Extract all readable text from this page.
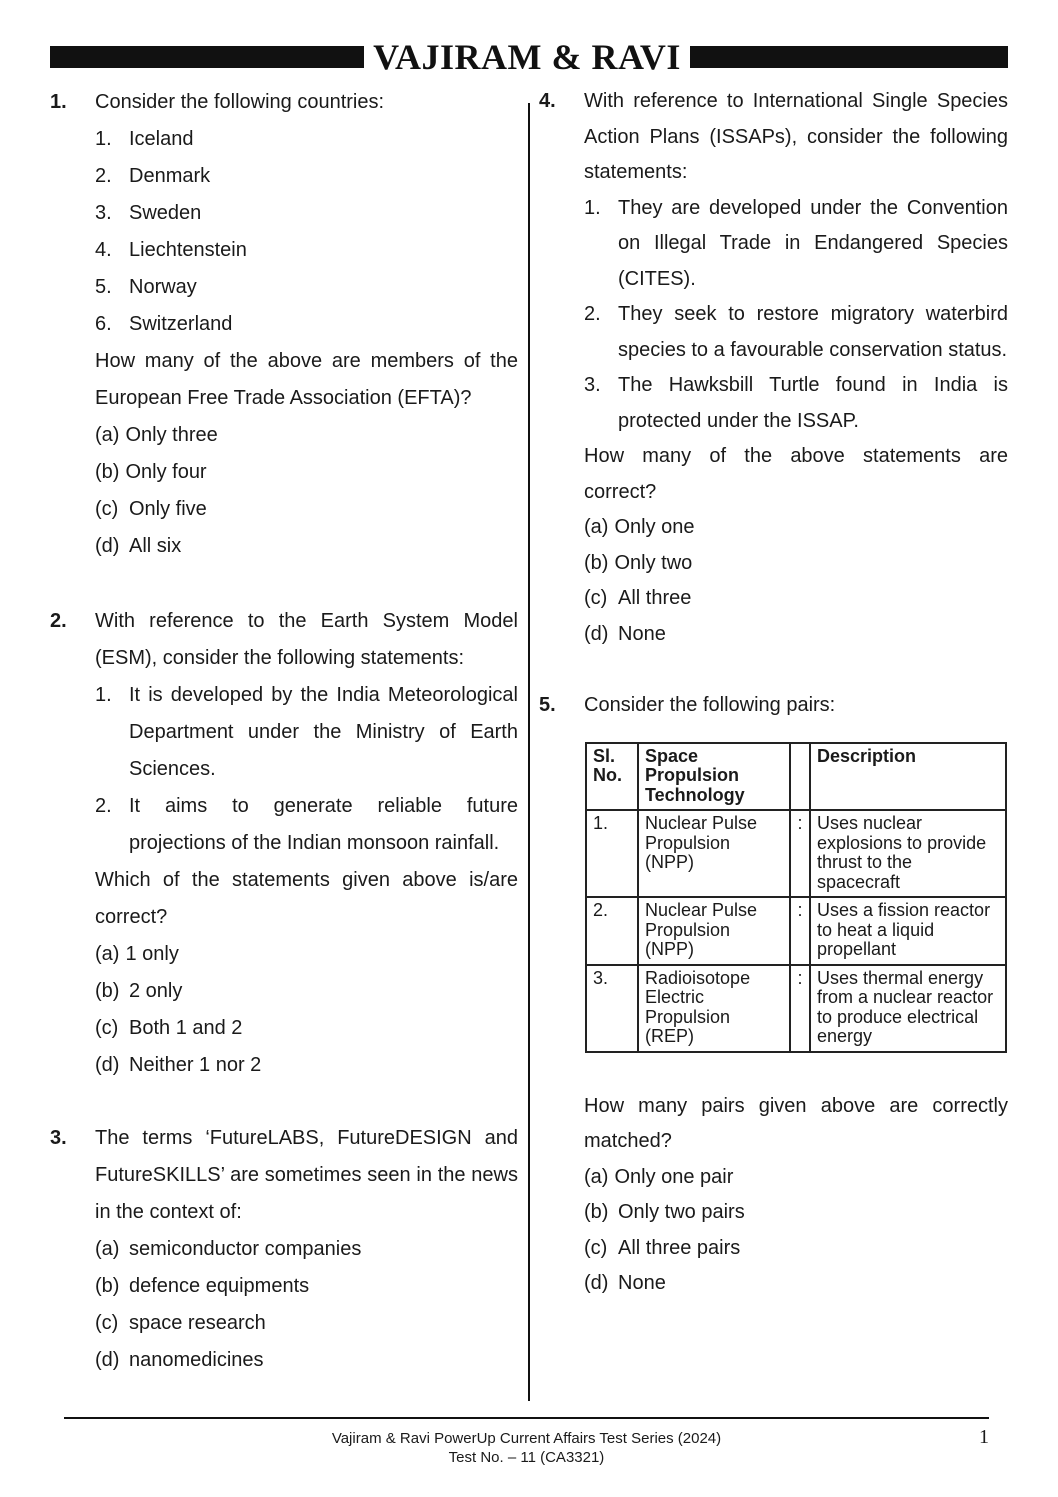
VAJIRAM & RAVI
1. Consider the following countries:
1. Iceland
2. Denmark
3. Sweden
4. Liechtenstein
5. Norway
6. Switzerland
How many of the above are members of the European Free Trade Association (EFTA)?
(a) Only three
(b) Only four
(c) Only five
(d) All six
2. With reference to the Earth System Model (ESM), consider the following statements:
1. It is developed by the India Meteorological Department under the Ministry of Earth Sciences.
2. It aims to generate reliable future projections of the Indian monsoon rainfall.
Which of the statements given above is/are correct?
(a) 1 only
(b) 2 only
(c) Both 1 and 2
(d) Neither 1 nor 2
3. The terms ‘FutureLABS, FutureDESIGN and FutureSKILLS’ are sometimes seen in the news in the context of:
(a) semiconductor companies
(b) defence equipments
(c) space research
(d) nanomedicines
4. With reference to International Single Species Action Plans (ISSAPs), consider the following statements:
1. They are developed under the Convention on Illegal Trade in Endangered Species (CITES).
2. They seek to restore migratory waterbird species to a favourable conservation status.
3. The Hawksbill Turtle found in India is protected under the ISSAP.
How many of the above statements are correct?
(a) Only one
(b) Only two
(c) All three
(d) None
5. Consider the following pairs:
Sl. No.	Space Propulsion Technology		Description
1.	Nuclear Pulse Propulsion (NPP)	:	Uses nuclear explosions to provide thrust to the spacecraft
2.	Nuclear Pulse Propulsion (NPP)	:	Uses a fission reactor to heat a liquid propellant
3.	Radioisotope Electric Propulsion (REP)	:	Uses thermal energy from a nuclear reactor to produce electrical energy
How many pairs given above are correctly matched?
(a) Only one pair
(b) Only two pairs
(c) All three pairs
(d) None
Vajiram & Ravi PowerUp Current Affairs Test Series (2024)
Test No. – 11 (CA3321)
1
